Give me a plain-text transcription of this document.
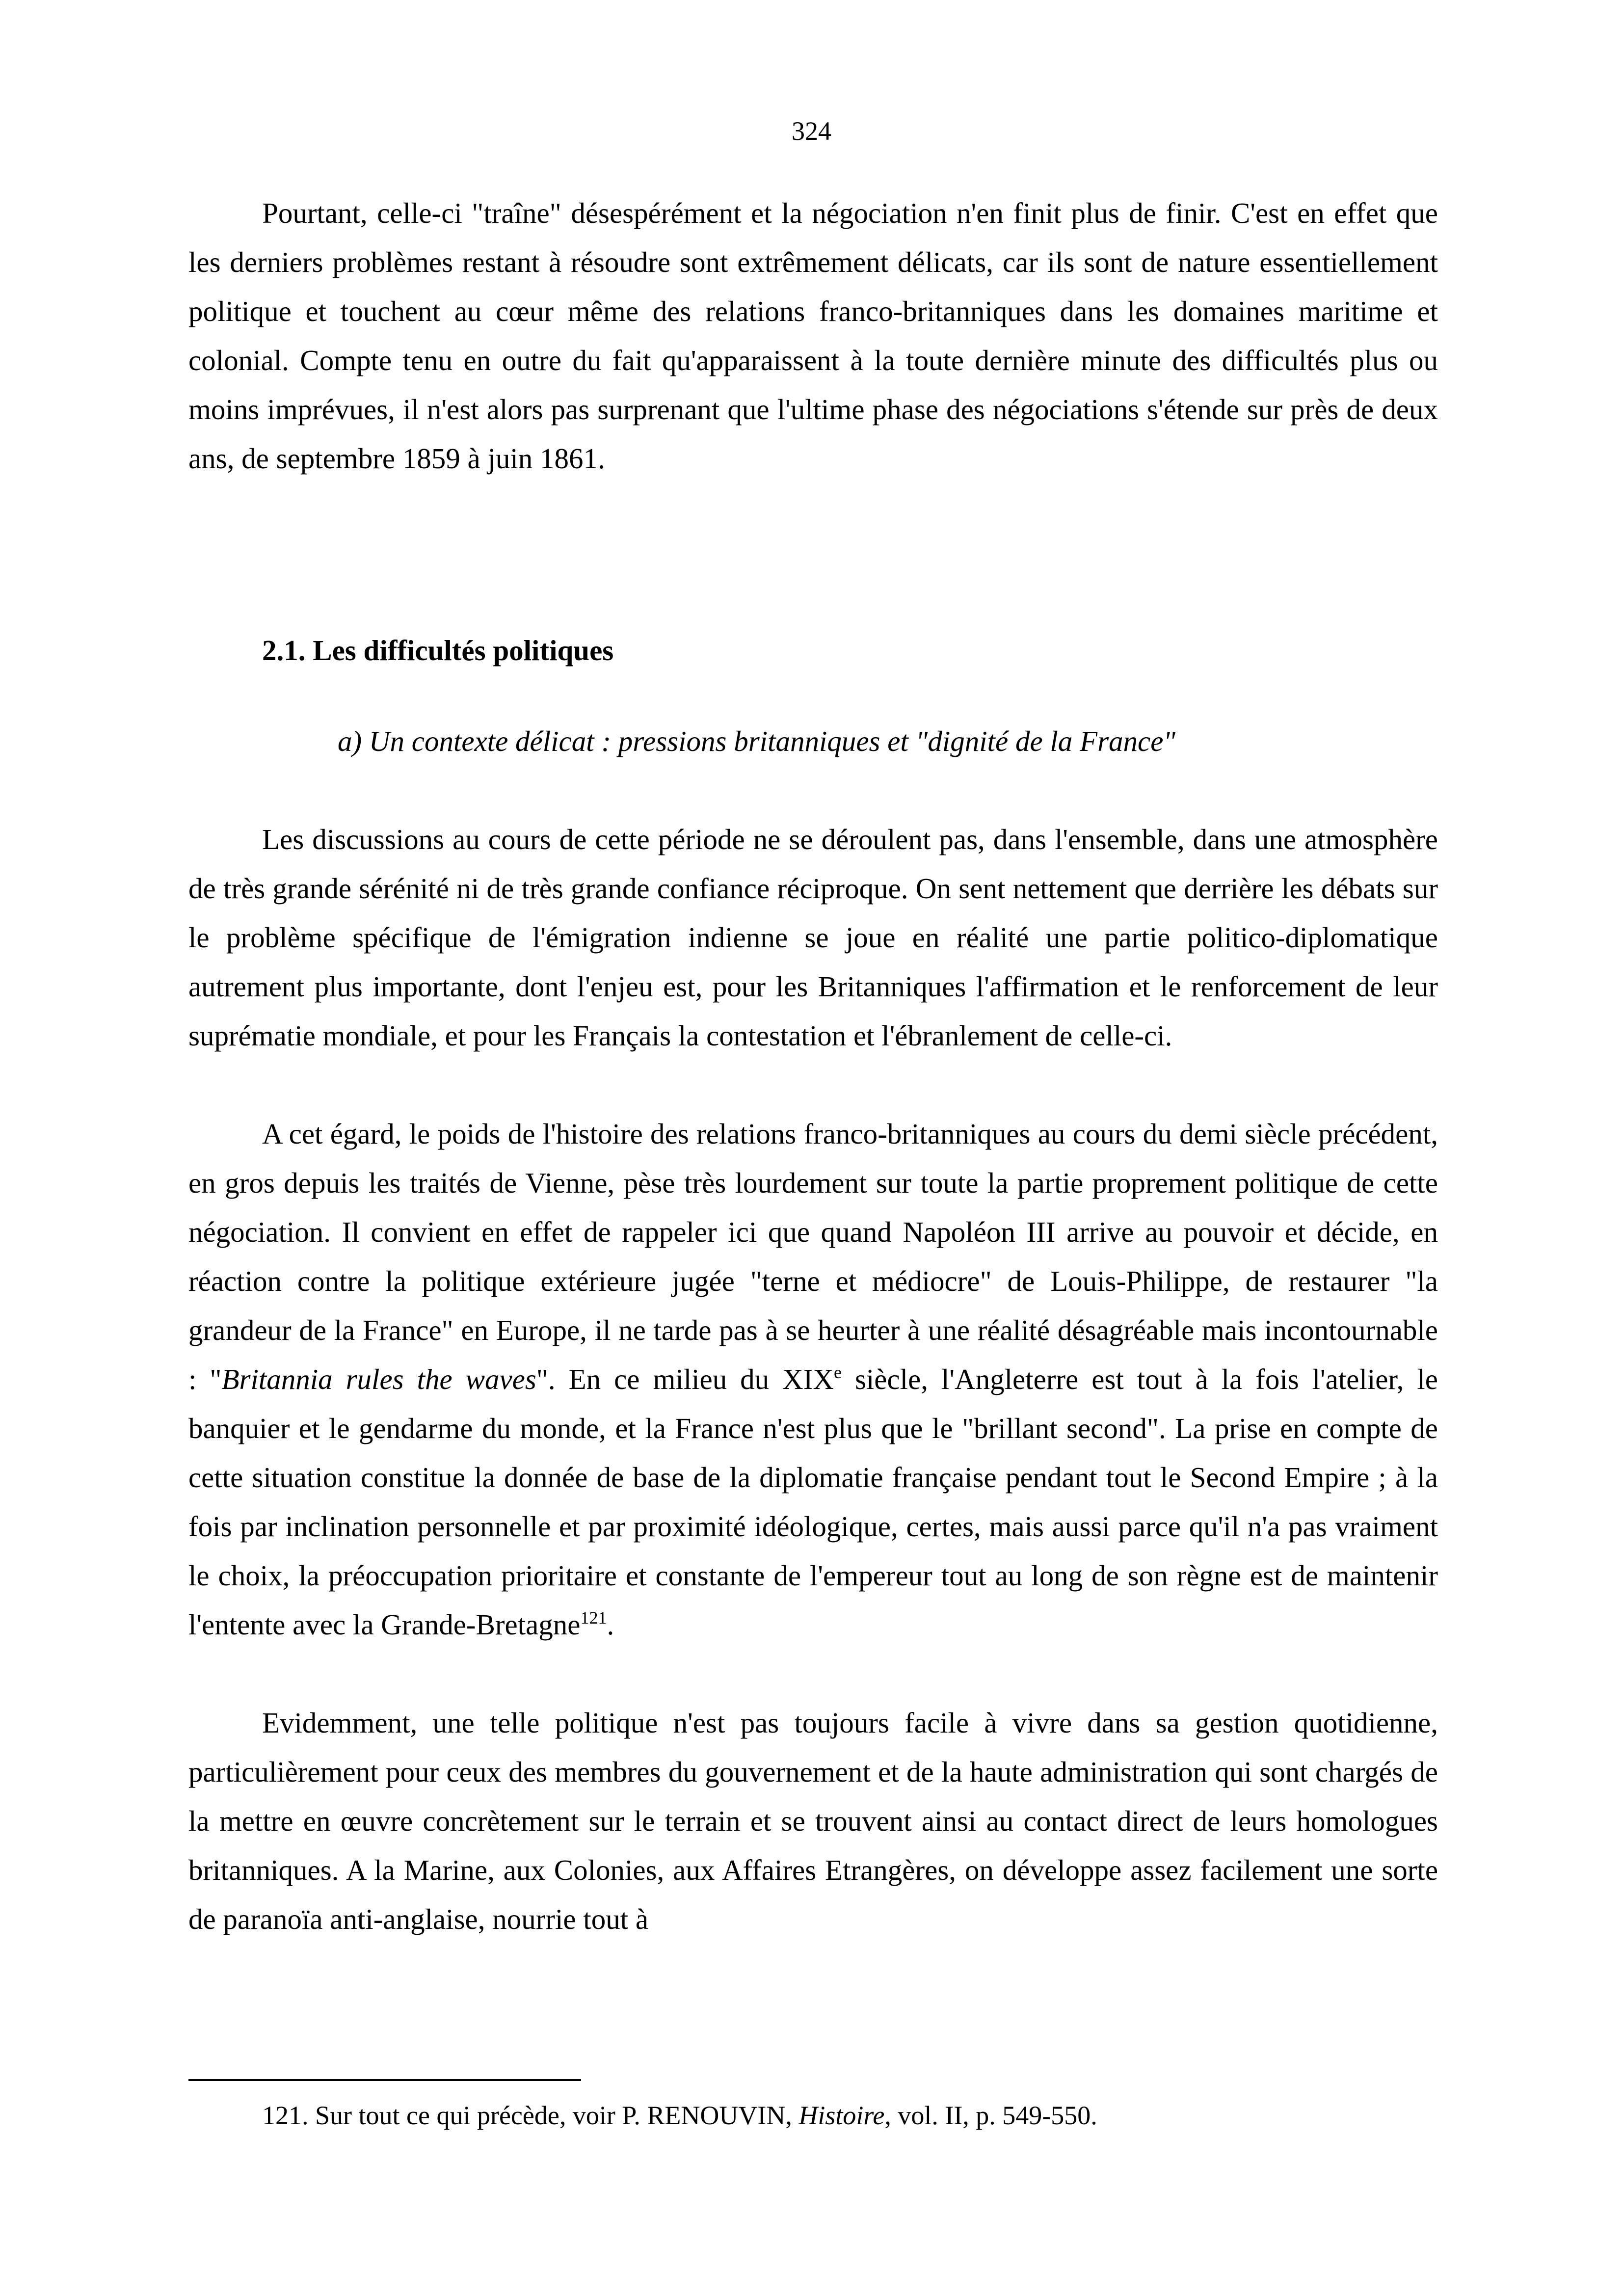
324

Pourtant, celle-ci "traîne" désespérément et la négociation n'en finit plus de finir. C'est en effet que les derniers problèmes restant à résoudre sont extrêmement délicats, car ils sont de nature essentiellement politique et touchent au cœur même des relations franco-britanniques dans les domaines maritime et colonial. Compte tenu en outre du fait qu'apparaissent à la toute dernière minute des difficultés plus ou moins imprévues, il n'est alors pas surprenant que l'ultime phase des négociations s'étende sur près de deux ans, de septembre 1859 à juin 1861.

2.1. Les difficultés politiques
a) Un contexte délicat : pressions britanniques et "dignité de la France"

Les discussions au cours de cette période ne se déroulent pas, dans l'ensemble, dans une atmosphère de très grande sérénité ni de très grande confiance réciproque. On sent nettement que derrière les débats sur le problème spécifique de l'émigration indienne se joue en réalité une partie politico-diplomatique autrement plus importante, dont l'enjeu est, pour les Britanniques l'affirmation et le renforcement de leur suprématie mondiale, et pour les Français la contestation et l'ébranlement de celle-ci.

A cet égard, le poids de l'histoire des relations franco-britanniques au cours du demi siècle précédent, en gros depuis les traités de Vienne, pèse très lourdement sur toute la partie proprement politique de cette négociation. Il convient en effet de rappeler ici que quand Napoléon III arrive au pouvoir et décide, en réaction contre la politique extérieure jugée "terne et médiocre" de Louis-Philippe, de restaurer "la grandeur de la France" en Europe, il ne tarde pas à se heurter à une réalité désagréable mais incontournable : "Britannia rules the waves". En ce milieu du XIXe siècle, l'Angleterre est tout à la fois l'atelier, le banquier et le gendarme du monde, et la France n'est plus que le "brillant second". La prise en compte de cette situation constitue la donnée de base de la diplomatie française pendant tout le Second Empire ; à la fois par inclination personnelle et par proximité idéologique, certes, mais aussi parce qu'il n'a pas vraiment le choix, la préoccupation prioritaire et constante de l'empereur tout au long de son règne est de maintenir l'entente avec la Grande-Bretagne$^{121}$.

Evidemment, une telle politique n'est pas toujours facile à vivre dans sa gestion quotidienne, particulièrement pour ceux des membres du gouvernement et de la haute administration qui sont chargés de la mettre en œuvre concrètement sur le terrain et se trouvent ainsi au contact direct de leurs homologues britanniques. A la Marine, aux Colonies, aux Affaires Etrangères, on développe assez facilement une sorte de paranoïa anti-anglaise, nourrie tout à

121. Sur tout ce qui précède, voir P. RENOUVIN, Histoire, vol. II, p. 549-550.
